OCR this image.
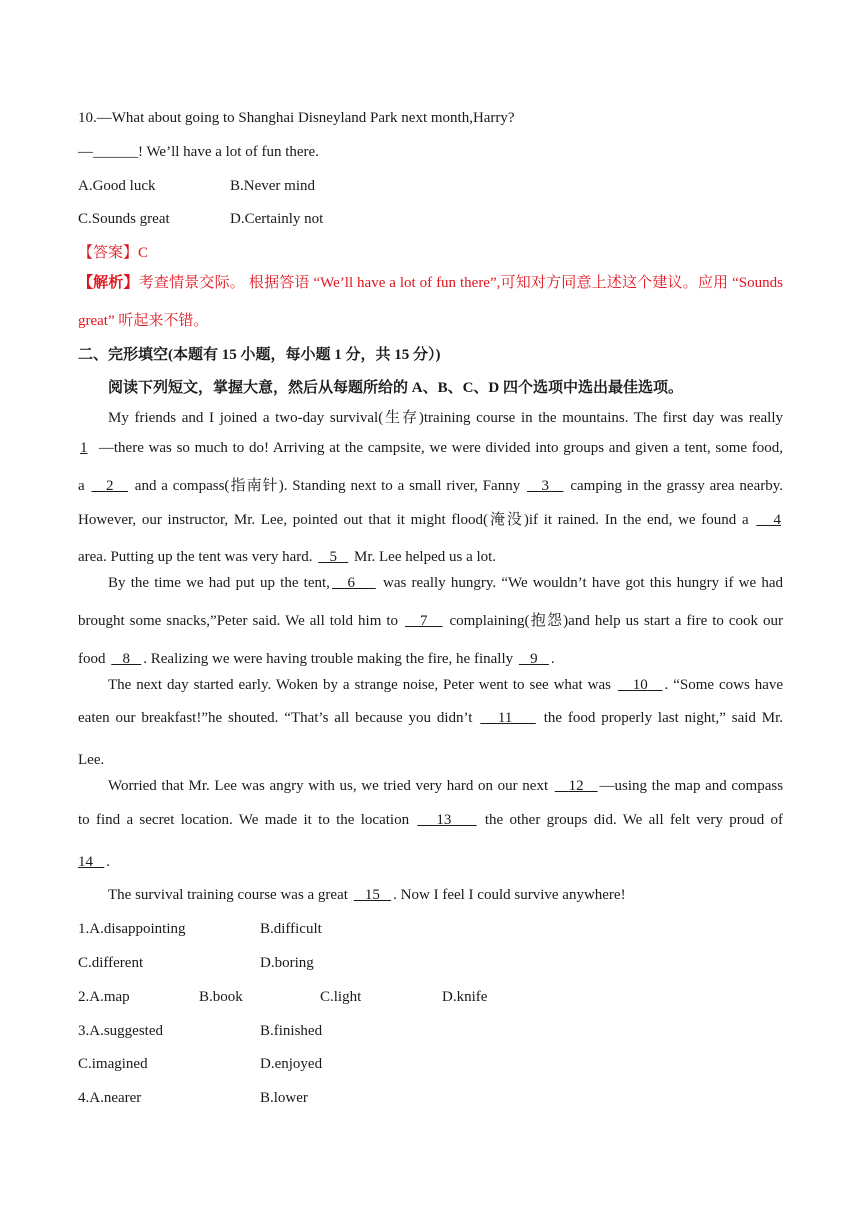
10.—What about going to Shanghai Disneyland Park next month,Harry?
—______! We’ll have a lot of fun there.
A.Good luck	B.Never mind
C.Sounds great	D.Certainly not
【答案】C
【解析】考查情景交际。 根据答语 “We’ll have a lot of fun there”,可知对方同意上述这个建议。应用 “Sounds
great” 听起来不错。
二、完形填空(本题有 15 小题，每小题 1 分，共 15 分）)
阅读下列短文，掌握大意，然后从每题所给的 A、B、C、D 四个选项中选出最佳选项。
My friends and I joined a two-day survival(生存)training course in the mountains. The first day was really
1 —there was so much to do! Arriving at the campsite, we were divided into groups and given a tent, some food,
a 2 and a compass(指南针). Standing next to a small river, Fanny 3 camping in the grassy area nearby.
However, our instructor, Mr. Lee, pointed out that it might flood(淹没)if it rained. In the end, we found a 4
area. Putting up the tent was very hard. 5 Mr. Lee helped us a lot.
By the time we had put up the tent, 6 was really hungry. “We wouldn’t have got this hungry if we had
brought some snacks,”Peter said. We all told him to 7 complaining(抱怨)and help us start a fire to cook our
food 8 . Realizing we were having trouble making the fire, he finally 9 .
The next day started early. Woken by a strange noise, Peter went to see what was 10 . “Some cows have
eaten our breakfast!”he shouted. “That’s all because you didn’t 11 the food properly last night,” said Mr.
Lee.
Worried that Mr. Lee was angry with us, we tried very hard on our next 12 —using the map and compass
to find a secret location. We made it to the location 13 the other groups did. We all felt very proud of
14 .
The survival training course was a great 15 . Now I feel I could survive anywhere!
1.A.disappointing	B.difficult
C.different	D.boring
2.A.map	B.book	C.light	D.knife
3.A.suggested	B.finished
C.imagined	D.enjoyed
4.A.nearer	B.lower
